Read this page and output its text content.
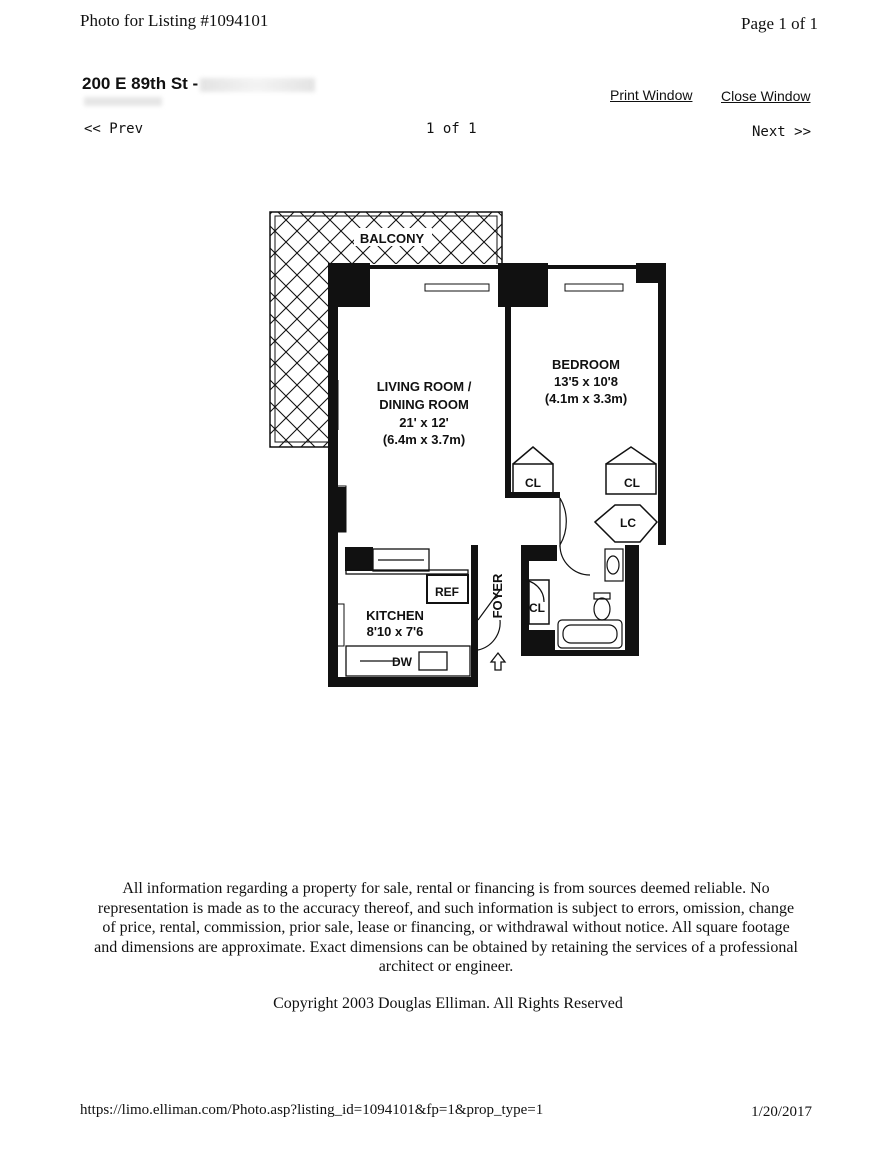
Photo for Listing #1094101	Page 1 of 1
200 E 89th St -
Print Window Close Window
<< Prev	1 of 1	Next >>
BALCONY
LIVING ROOM /
DINING ROOM
21' x 12'
(6.4m x 3.7m)
BEDROOM
13'5 x 10'8
(4.1m x 3.3m)
CL	CL
LC
CL
REF
KITCHEN
8'10 x 7'6
DW
FOYER
All information regarding a property for sale, rental or financing is from sources deemed reliable. No representation is made as to the accuracy thereof, and such information is subject to errors, omission, change of price, rental, commission, prior sale, lease or financing, or withdrawal without notice. All square footage and dimensions are approximate. Exact dimensions can be obtained by retaining the services of a professional architect or engineer.
Copyright 2003 Douglas Elliman. All Rights Reserved
https://limo.elliman.com/Photo.asp?listing_id=1094101&fp=1&prop_type=1	1/20/2017
